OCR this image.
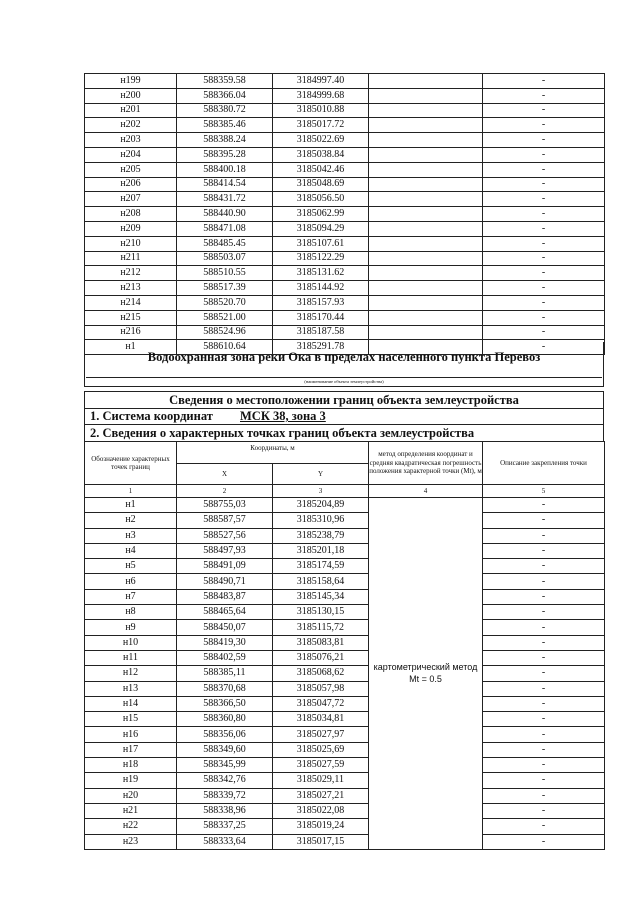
н199	588359.58	3184997.40		-
н200	588366.04	3184999.68		-
н201	588380.72	3185010.88		-
н202	588385.46	3185017.72		-
н203	588388.24	3185022.69		-
н204	588395.28	3185038.84		-
н205	588400.18	3185042.46		-
н206	588414.54	3185048.69		-
н207	588431.72	3185056.50		-
н208	588440.90	3185062.99		-
н209	588471.08	3185094.29		-
н210	588485.45	3185107.61		-
н211	588503.07	3185122.29		-
н212	588510.55	3185131.62		-
н213	588517.39	3185144.92		-
н214	588520.70	3185157.93		-
н215	588521.00	3185170.44		-
н216	588524.96	3185187.58		-
н1	588610.64	3185291.78		-
Водоохранная зона реки Ока в пределах населенного пункта Перевоз
(наименование объекта землеустройства)
Сведения о местоположении границ объекта землеустройства
1. Система координат МСК 38, зона 3
2. Сведения о характерных точках границ объекта землеустройства
Обозначение характерных точек границ	Координаты, м		метод определения координат и средняя квадратическая погрешность положения характерной точки (Mt), м	Описание закрепления точки
	X	Y		
1	2	3	4	5
н1	588755,03	3185204,89	картометрический метод Mt = 0.5	-
н2	588587,57	3185310,96		-
н3	588527,56	3185238,79		-
н4	588497,93	3185201,18		-
н5	588491,09	3185174,59		-
н6	588490,71	3185158,64		-
н7	588483,87	3185145,34		-
н8	588465,64	3185130,15		-
н9	588450,07	3185115,72		-
н10	588419,30	3185083,81		-
н11	588402,59	3185076,21		-
н12	588385,11	3185068,62		-
н13	588370,68	3185057,98		-
н14	588366,50	3185047,72		-
н15	588360,80	3185034,81		-
н16	588356,06	3185027,97		-
н17	588349,60	3185025,69		-
н18	588345,99	3185027,59		-
н19	588342,76	3185029,11		-
н20	588339,72	3185027,21		-
н21	588338,96	3185022,08		-
н22	588337,25	3185019,24		-
н23	588333,64	3185017,15		-
